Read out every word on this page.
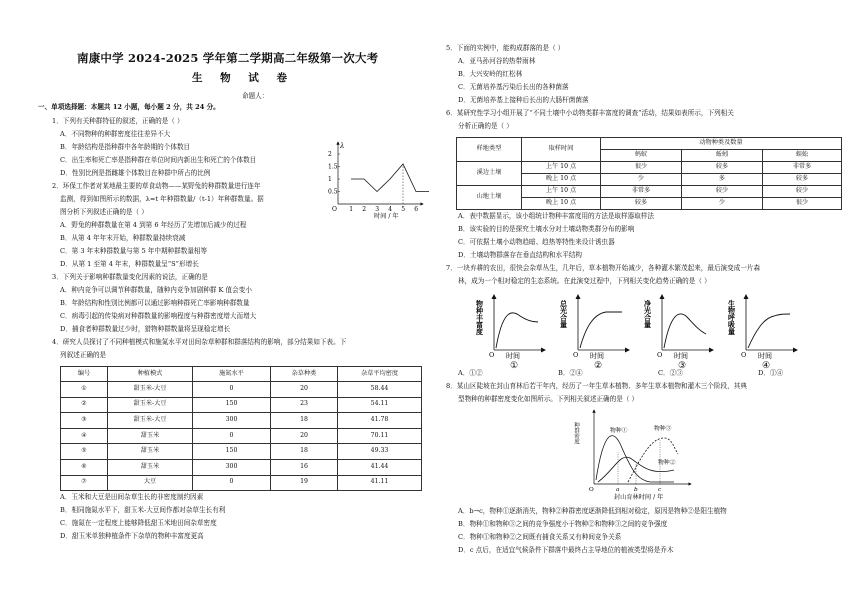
南康中学 2024-2025 学年第二学期高二年级第一次大考
生 物 试 卷
命题人：
一、单项选择题：本题共 12 小题，每小题 2 分，共 24 分。
1．下列有关种群特征的叙述，正确的是（ ）
A．不同物种的种群密度往往差异不大
B．年龄结构是指种群中各年龄期的个体数目
C．出生率和死亡率是指种群在单位时间内新出生和死亡的个体数目
D．性别比例是指雌雄个体数目在种群中所占的比例
2．环保工作者对某地最主要的草食动物——某野兔的种群数量进行连年
监测，得到如图所示的数据，λ=t 年种群数量/（t-1）年种群数量。据
图分析下列叙述正确的是（ ）
A．野兔的种群数量在第 4 到第 6 年经历了先增加后减少的过程
B．从第 4 年年末开始，种群数量持续衰减
C．第 3 年末种群数量与第 5 年中期种群数量相等
D．从第 1 至第 4 年末，种群数量呈“S”形增长
λ
O
2
1.5
1
0.5
1 2 3 4 5 6
时间 / 年
3．下列关于影响种群数量变化因素的说法，正确的是
A．种内竞争可以调节种群数量，随种内竞争加剧种群 K 值会变小
B．年龄结构和性别比例都可以通过影响种群死亡率影响种群数量
C．病毒引起的传染病对种群数量的影响程度与种群密度增大而增大
D．捕食者种群数量过少时，猎物种群数量将呈现稳定增长
4．研究人员探讨了不同种植模式和施氮水平对田间杂草种群和群落结构的影响，部分结果如下表。下
列叙述正确的是
编号	种植模式	施氮水平	杂草种类	杂草平均密度
①	甜玉米-大豆	0	20	58.44
②	甜玉米-大豆	150	23	54.11
③	甜玉米-大豆	300	18	41.78
④	甜玉米	0	20	70.11
⑤	甜玉米	150	18	49.33
⑥	甜玉米	300	16	41.44
⑦	大豆	0	19	41.11
A．玉米和大豆是田间杂草生长的非密度制约因素
B．相同施氮水平下，甜玉米-大豆间作都对杂草生长有利
C．施氮在一定程度上能够降低甜玉米地田间杂草密度
D．甜玉米单独种植条件下杂草的物种丰富度更高
5．下面的实例中，能构成群落的是（ ）
A．亚马孙河谷的热带雨林
B．大兴安岭的红松林
C．无菌培养基污染后长出的各种菌落
D．无菌培养基上接种后长出的大肠杆菌菌落
6．某研究性学习小组开展了“不同土壤中小动物类群丰富度的调查”活动，结果如表所示，下列相关
分析正确的是（ ）
样地类型	取样时间	动物种类及数量		
		蚂蚁	蚯蚓	蜈蚣
溪边土壤	上午 10 点	很少	较多	非常多
	晚上 10 点	少	多	较多
山地土壤	上午 10 点	非常多	较少	较少
	晚上 10 点	较多	少	很少
A．表中数据显示，该小组统计物种丰富度用的方法是取样器取样法
B．该实验的目的是探究土壤水分对土壤动物类群分布的影响
C．可依据土壤小动物趋暗、趋热等特性来设计诱虫器
D．土壤动物群落存在垂直结构和水平结构
7．一块弃耕的农田，很快会杂草丛生，几年后，草本植物开始减少，各种灌木繁茂起来，最后演变成一片森
林，成为一个相对稳定的生态系统。在此演变过程中，下列相关变化趋势正确的是（ ）
物种丰富度
O 时间
①
总光合量
O 时间
②
净光合量
O 时间
③
生物呼吸量
O 时间
④
A．①②	B．②④	C．②③	D．①④
8．某山区陡坡在封山育林后若干年内，经历了一年生草本植物、多年生草本植物和灌木三个阶段，其典
型物种的种群密度变化如图所示。下列相关叙述正确的是（ ）
种群密度	物种①
物种②
物种③
O	a	b	c
封山育林时间 / 年
A．b→c，物种①逐渐消失，物种②种群密度逐渐降低到相对稳定，原因是物种②是阳生植物
B．物种①和物种③之间的竞争强度小于物种②和物种③之间的竞争强度
C．物种①和物种②之间既有捕食关系又有种间竞争关系
D．c 点后，在适宜气候条件下群落中最终占主导地位的植被类型将是乔木
